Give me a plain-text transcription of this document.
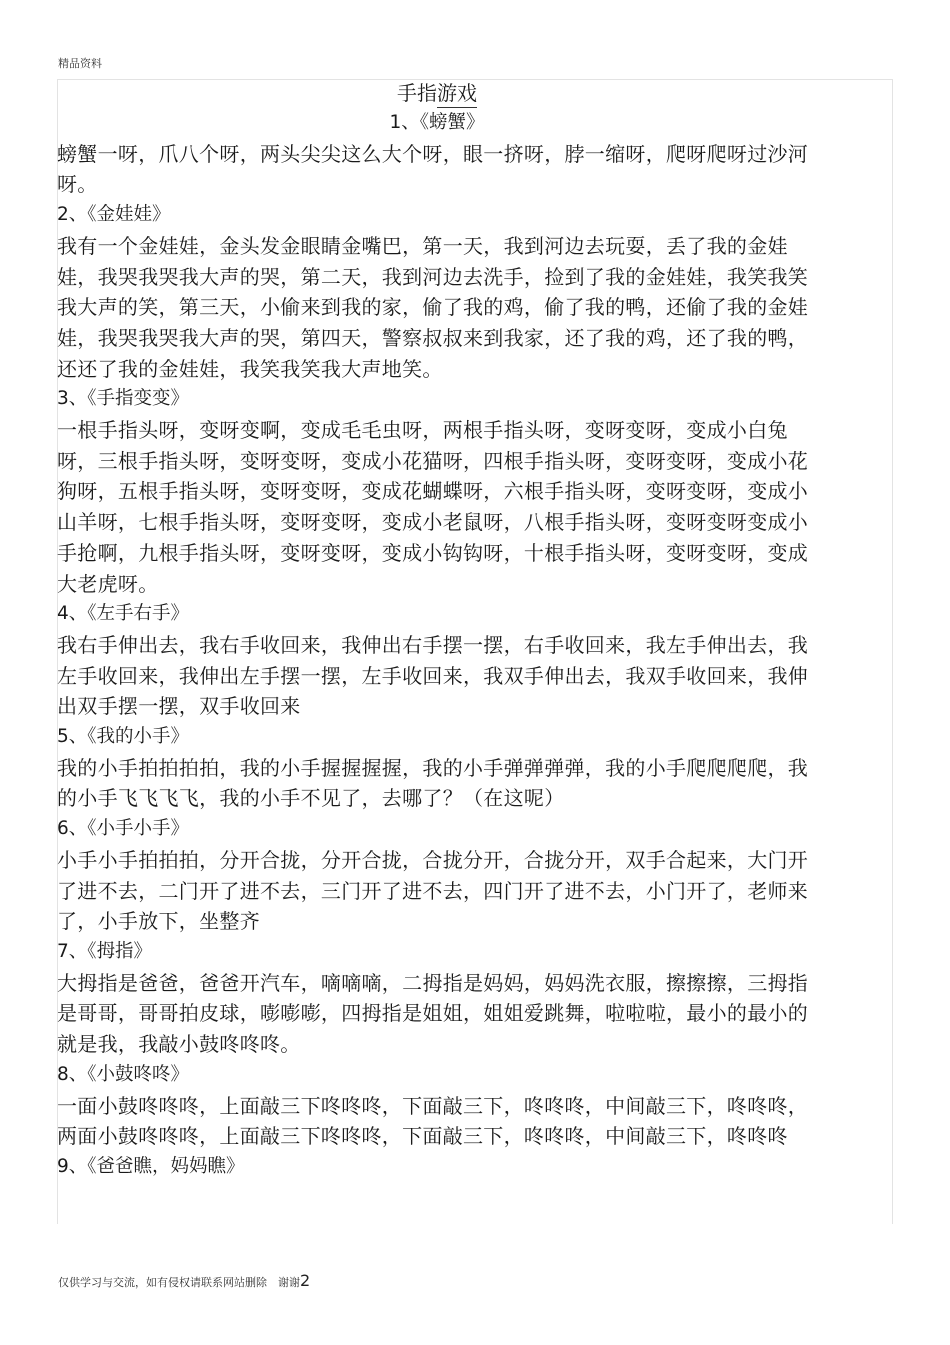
精品资料
手指游戏
1、《螃蟹》
螃蟹一呀，爪八个呀，两头尖尖这么大个呀，眼一挤呀，脖一缩呀，爬呀爬呀过沙河呀。
2、《金娃娃》
我有一个金娃娃，金头发金眼睛金嘴巴，第一天，我到河边去玩耍，丢了我的金娃娃，我哭我哭我大声的哭，第二天，我到河边去洗手，捡到了我的金娃娃，我笑我笑我大声的笑，第三天，小偷来到我的家，偷了我的鸡，偷了我的鸭，还偷了我的金娃娃，我哭我哭我大声的哭，第四天，警察叔叔来到我家，还了我的鸡，还了我的鸭，还还了我的金娃娃，我笑我笑我大声地笑。
3、《手指变变》
一根手指头呀，变呀变啊，变成毛毛虫呀，两根手指头呀，变呀变呀，变成小白兔呀，三根手指头呀，变呀变呀，变成小花猫呀，四根手指头呀，变呀变呀，变成小花狗呀，五根手指头呀，变呀变呀，变成花蝴蝶呀，六根手指头呀，变呀变呀，变成小山羊呀，七根手指头呀，变呀变呀，变成小老鼠呀，八根手指头呀，变呀变呀变成小手抢啊，九根手指头呀，变呀变呀，变成小钩钩呀，十根手指头呀，变呀变呀，变成大老虎呀。
4、《左手右手》
我右手伸出去，我右手收回来，我伸出右手摆一摆，右手收回来，我左手伸出去，我左手收回来，我伸出左手摆一摆，左手收回来，我双手伸出去，我双手收回来，我伸出双手摆一摆，双手收回来
5、《我的小手》
我的小手拍拍拍拍，我的小手握握握握，我的小手弹弹弹弹，我的小手爬爬爬爬，我的小手飞飞飞飞，我的小手不见了，去哪了？（在这呢）
6、《小手小手》
小手小手拍拍拍，分开合拢，分开合拢，合拢分开，合拢分开，双手合起来，大门开了进不去，二门开了进不去，三门开了进不去，四门开了进不去，小门开了，老师来了，小手放下，坐整齐
7、《拇指》
大拇指是爸爸，爸爸开汽车，嘀嘀嘀，二拇指是妈妈，妈妈洗衣服，擦擦擦，三拇指是哥哥，哥哥拍皮球，嘭嘭嘭，四拇指是姐姐，姐姐爱跳舞，啦啦啦，最小的最小的就是我，我敲小鼓咚咚咚。
8、《小鼓咚咚》
一面小鼓咚咚咚，上面敲三下咚咚咚，下面敲三下，咚咚咚，中间敲三下，咚咚咚，两面小鼓咚咚咚，上面敲三下咚咚咚，下面敲三下，咚咚咚，中间敲三下，咚咚咚
9、《爸爸瞧，妈妈瞧》
仅供学习与交流，如有侵权请联系网站删除　谢谢2
